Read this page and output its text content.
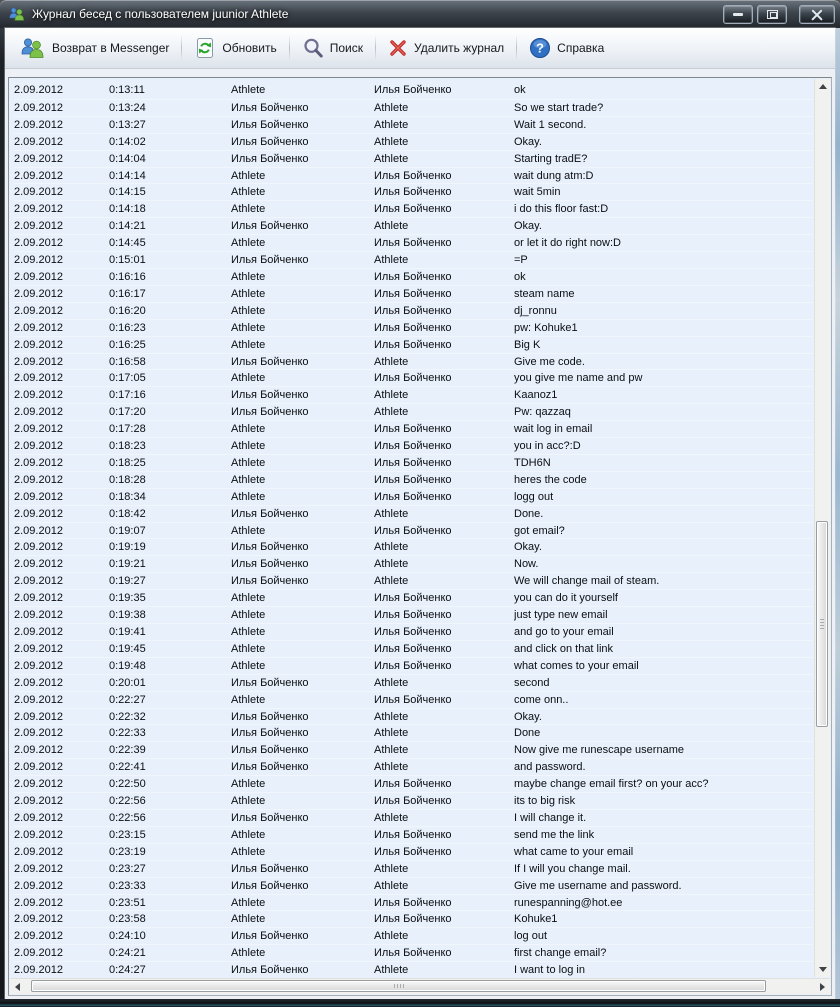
Журнал бесед с пользователем juunior Athlete
Возврат в Messenger	Обновить	Поиск	Удалить журнал ? Справка
2.09.2012	0:13:11	Athlete	Илья Бойченко	ok
2.09.2012	0:13:24	Илья Бойченко	Athlete	So we start trade?
2.09.2012	0:13:27	Илья Бойченко	Athlete	Wait 1 second.
2.09.2012	0:14:02	Илья Бойченко	Athlete	Okay.
2.09.2012	0:14:04	Илья Бойченко	Athlete	Starting tradE?
2.09.2012	0:14:14	Athlete	Илья Бойченко	wait dung atm:D
2.09.2012	0:14:15	Athlete	Илья Бойченко	wait 5min
2.09.2012	0:14:18	Athlete	Илья Бойченко	i do this floor fast:D
2.09.2012	0:14:21	Илья Бойченко	Athlete	Okay.
2.09.2012	0:14:45	Athlete	Илья Бойченко	or let it do right now:D
2.09.2012	0:15:01	Илья Бойченко	Athlete	=P
2.09.2012	0:16:16	Athlete	Илья Бойченко	ok
2.09.2012	0:16:17	Athlete	Илья Бойченко	steam name
2.09.2012	0:16:20	Athlete	Илья Бойченко	dj_ronnu
2.09.2012	0:16:23	Athlete	Илья Бойченко	pw: Kohuke1
2.09.2012	0:16:25	Athlete	Илья Бойченко	Big K
2.09.2012	0:16:58	Илья Бойченко	Athlete	Give me code.
2.09.2012	0:17:05	Athlete	Илья Бойченко	you give me name and pw
2.09.2012	0:17:16	Илья Бойченко	Athlete	Kaanoz1
2.09.2012	0:17:20	Илья Бойченко	Athlete	Pw: qazzaq
2.09.2012	0:17:28	Athlete	Илья Бойченко	wait log in email
2.09.2012	0:18:23	Athlete	Илья Бойченко	you in acc?:D
2.09.2012	0:18:25	Athlete	Илья Бойченко	TDH6N
2.09.2012	0:18:28	Athlete	Илья Бойченко	heres the code
2.09.2012	0:18:34	Athlete	Илья Бойченко	logg out
2.09.2012	0:18:42	Илья Бойченко	Athlete	Done.
2.09.2012	0:19:07	Athlete	Илья Бойченко	got email?
2.09.2012	0:19:19	Илья Бойченко	Athlete	Okay.
2.09.2012	0:19:21	Илья Бойченко	Athlete	Now.
2.09.2012	0:19:27	Илья Бойченко	Athlete	We will change mail of steam.
2.09.2012	0:19:35	Athlete	Илья Бойченко	you can do it yourself
2.09.2012	0:19:38	Athlete	Илья Бойченко	just type new email
2.09.2012	0:19:41	Athlete	Илья Бойченко	and go to your email
2.09.2012	0:19:45	Athlete	Илья Бойченко	and click on that link
2.09.2012	0:19:48	Athlete	Илья Бойченко	what comes to your email
2.09.2012	0:20:01	Илья Бойченко	Athlete	second
2.09.2012	0:22:27	Athlete	Илья Бойченко	come onn..
2.09.2012	0:22:32	Илья Бойченко	Athlete	Okay.
2.09.2012	0:22:33	Илья Бойченко	Athlete	Done
2.09.2012	0:22:39	Илья Бойченко	Athlete	Now give me runescape username
2.09.2012	0:22:41	Илья Бойченко	Athlete	and password.
2.09.2012	0:22:50	Athlete	Илья Бойченко	maybe change email first? on your acc?
2.09.2012	0:22:56	Athlete	Илья Бойченко	its to big risk
2.09.2012	0:22:56	Илья Бойченко	Athlete	I will change it.
2.09.2012	0:23:15	Athlete	Илья Бойченко	send me the link
2.09.2012	0:23:19	Athlete	Илья Бойченко	what came to your email
2.09.2012	0:23:27	Илья Бойченко	Athlete	If I will you change mail.
2.09.2012	0:23:33	Илья Бойченко	Athlete	Give me username and password.
2.09.2012	0:23:51	Athlete	Илья Бойченко	runespanning@hot.ee
2.09.2012	0:23:58	Athlete	Илья Бойченко	Kohuke1
2.09.2012	0:24:10	Илья Бойченко	Athlete	log out
2.09.2012	0:24:21	Athlete	Илья Бойченко	first change email?
2.09.2012	0:24:27	Илья Бойченко	Athlete	I want to log in
